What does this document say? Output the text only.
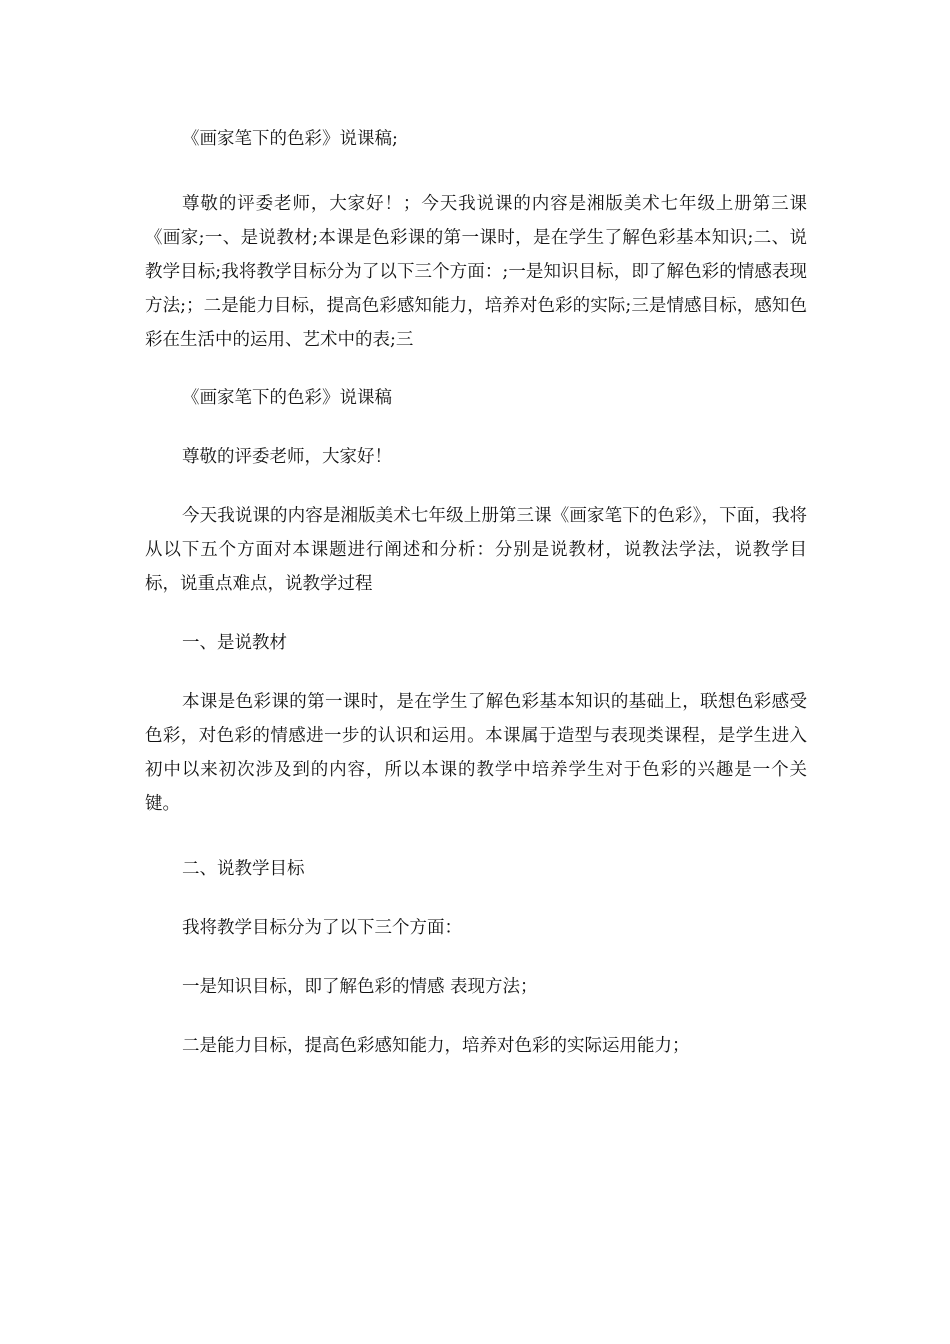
《画家笔下的色彩》说课稿;

尊敬的评委老师，大家好！；今天我说课的内容是湘版美术七年级上册第三课《画家;一、是说教材;本课是色彩课的第一课时，是在学生了解色彩基本知识;二、说教学目标;我将教学目标分为了以下三个方面：;一是知识目标，即了解色彩的情感表现方法;；二是能力目标，提高色彩感知能力，培养对色彩的实际;三是情感目标，感知色彩在生活中的运用、艺术中的表;三

《画家笔下的色彩》说课稿

尊敬的评委老师，大家好！

今天我说课的内容是湘版美术七年级上册第三课《画家笔下的色彩》，下面，我将从以下五个方面对本课题进行阐述和分析：分别是说教材，说教法学法，说教学目标，说重点难点，说教学过程

一、是说教材

本课是色彩课的第一课时，是在学生了解色彩基本知识的基础上，联想色彩感受色彩，对色彩的情感进一步的认识和运用。本课属于造型与表现类课程，是学生进入初中以来初次涉及到的内容，所以本课的教学中培养学生对于色彩的兴趣是一个关键。

二、说教学目标

我将教学目标分为了以下三个方面：

一是知识目标，即了解色彩的情感 表现方法；

二是能力目标，提高色彩感知能力，培养对色彩的实际运用能力；
